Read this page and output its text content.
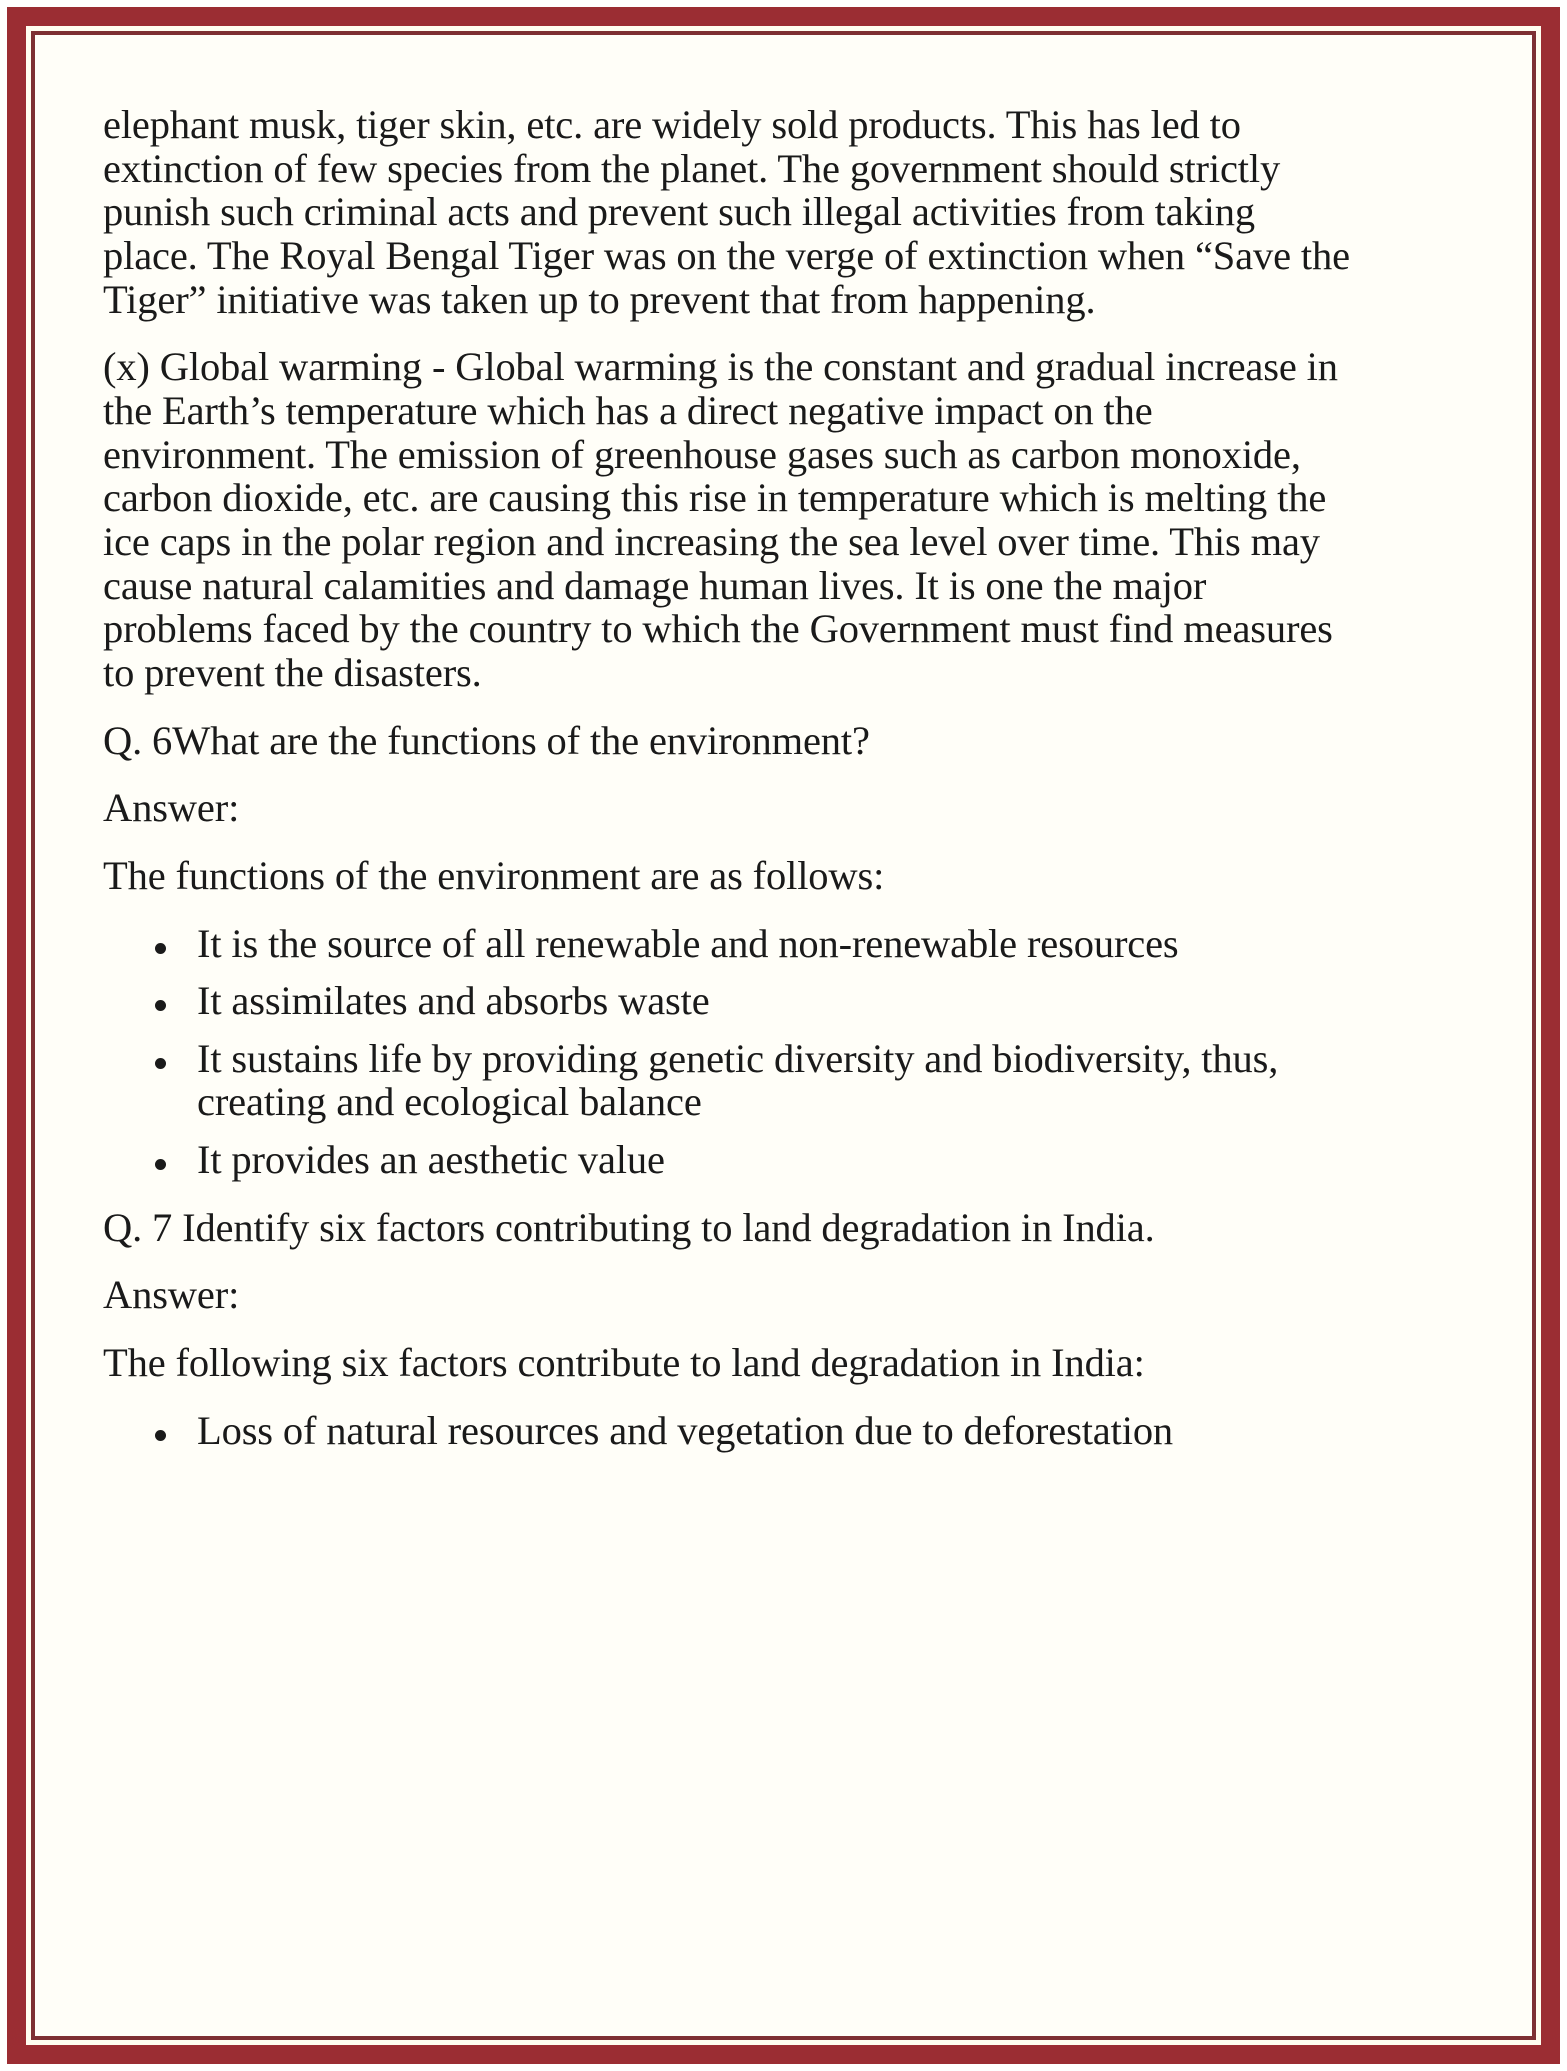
elephant musk, tiger skin, etc. are widely sold products. This has led to extinction of few species from the planet. The government should strictly punish such criminal acts and prevent such illegal activities from taking place. The Royal Bengal Tiger was on the verge of extinction when “Save the Tiger” initiative was taken up to prevent that from happening.

(x) Global warming - Global warming is the constant and gradual increase in the Earth’s temperature which has a direct negative impact on the environment. The emission of greenhouse gases such as carbon monoxide, carbon dioxide, etc. are causing this rise in temperature which is melting the ice caps in the polar region and increasing the sea level over time. This may cause natural calamities and damage human lives. It is one the major problems faced by the country to which the Government must find measures to prevent the disasters.

Q. 6What are the functions of the environment?

Answer:

The functions of the environment are as follows:

It is the source of all renewable and non-renewable resources
It assimilates and absorbs waste
It sustains life by providing genetic diversity and biodiversity, thus, creating and ecological balance
It provides an aesthetic value

Q. 7 Identify six factors contributing to land degradation in India.

Answer:

The following six factors contribute to land degradation in India:

Loss of natural resources and vegetation due to deforestation
